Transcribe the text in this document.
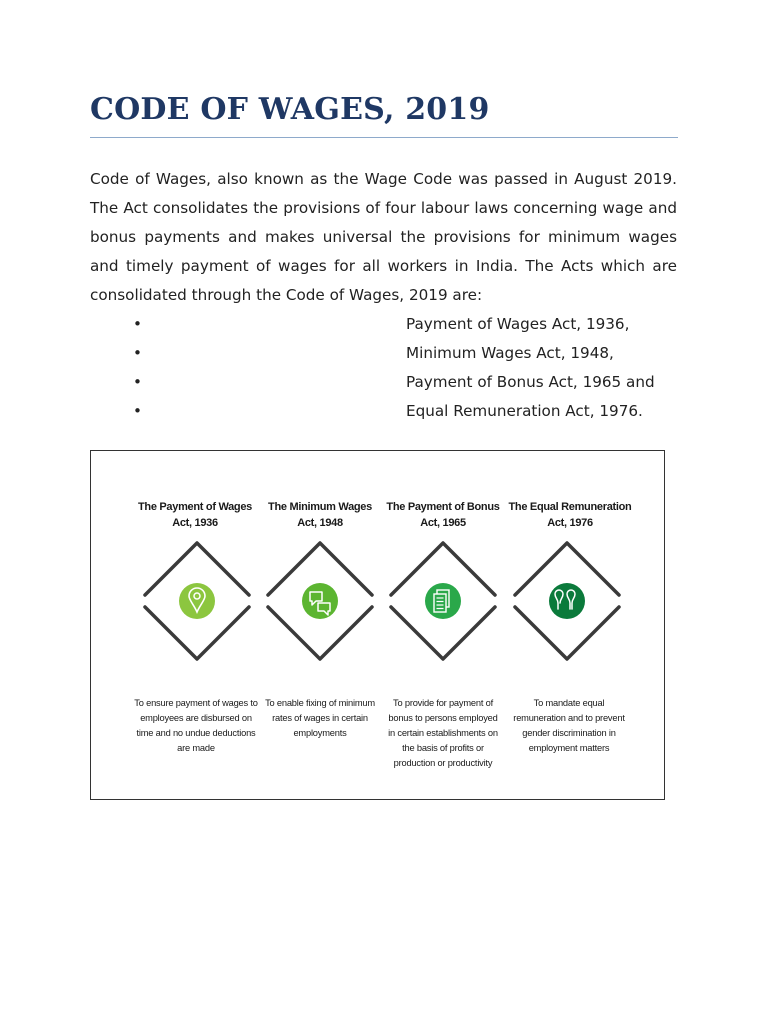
CODE OF WAGES, 2019

Code of Wages, also known as the Wage Code was passed in August 2019. The Act consolidates the provisions of four labour laws concerning wage and bonus payments and makes universal the provisions for minimum wages and timely payment of wages for all workers in India. The Acts which are consolidated through the Code of Wages, 2019 are:

•	Payment of Wages Act, 1936,
•	Minimum Wages Act, 1948,
•	Payment of Bonus Act, 1965 and
•	Equal Remuneration Act, 1976.
The Payment of Wages
Act, 1936
The Minimum Wages
Act, 1948
The Payment of Bonus
Act, 1965
The Equal Remuneration
Act, 1976
To ensure payment of wages to
employees are disbursed on
time and no undue deductions
are made
To enable fixing of minimum
rates of wages in certain
employments
To provide for payment of
bonus to persons employed
in certain establishments on
the basis of profits or
production or productivity
To mandate equal
remuneration and to prevent
gender discrimination in
employment matters
